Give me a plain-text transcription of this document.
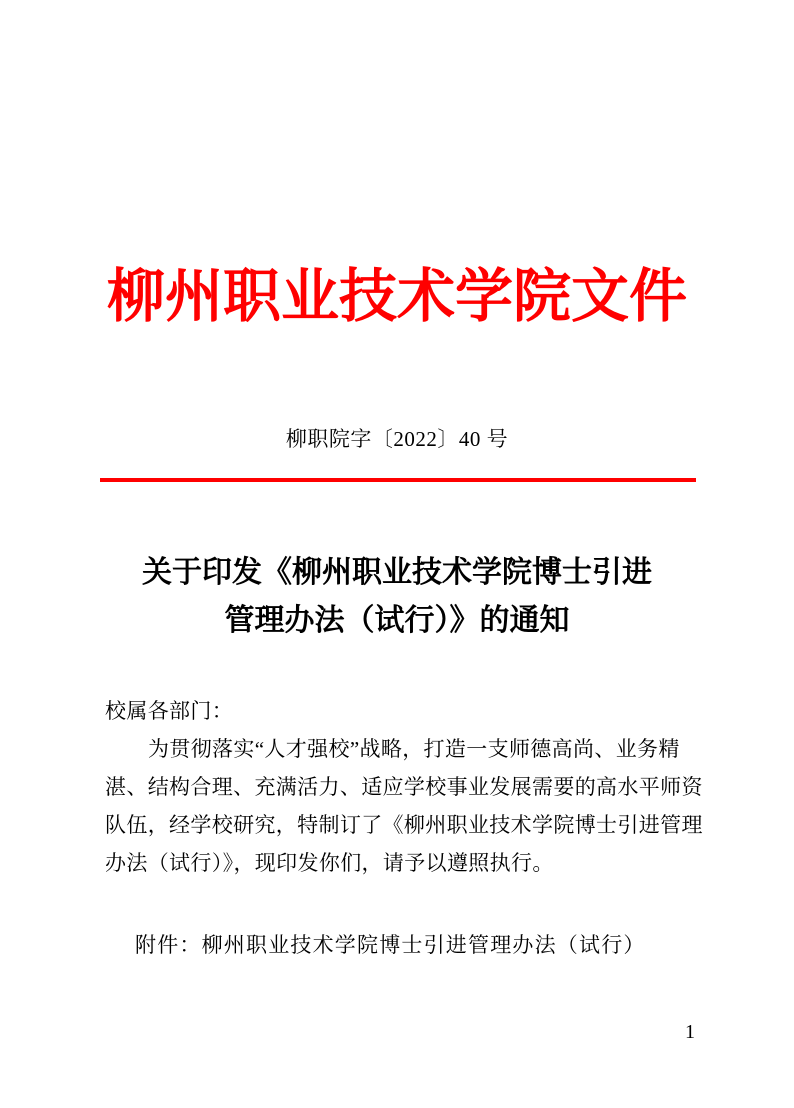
柳州职业技术学院文件
柳职院字〔2022〕40 号
关于印发《柳州职业技术学院博士引进
管理办法（试行）》的通知
校属各部门：
为贯彻落实“人才强校”战略，打造一支师德高尚、业务精
湛、结构合理、充满活力、适应学校事业发展需要的高水平师资
队伍，经学校研究，特制订了《柳州职业技术学院博士引进管理
办法（试行）》，现印发你们，请予以遵照执行。
附件：柳州职业技术学院博士引进管理办法（试行）
1
